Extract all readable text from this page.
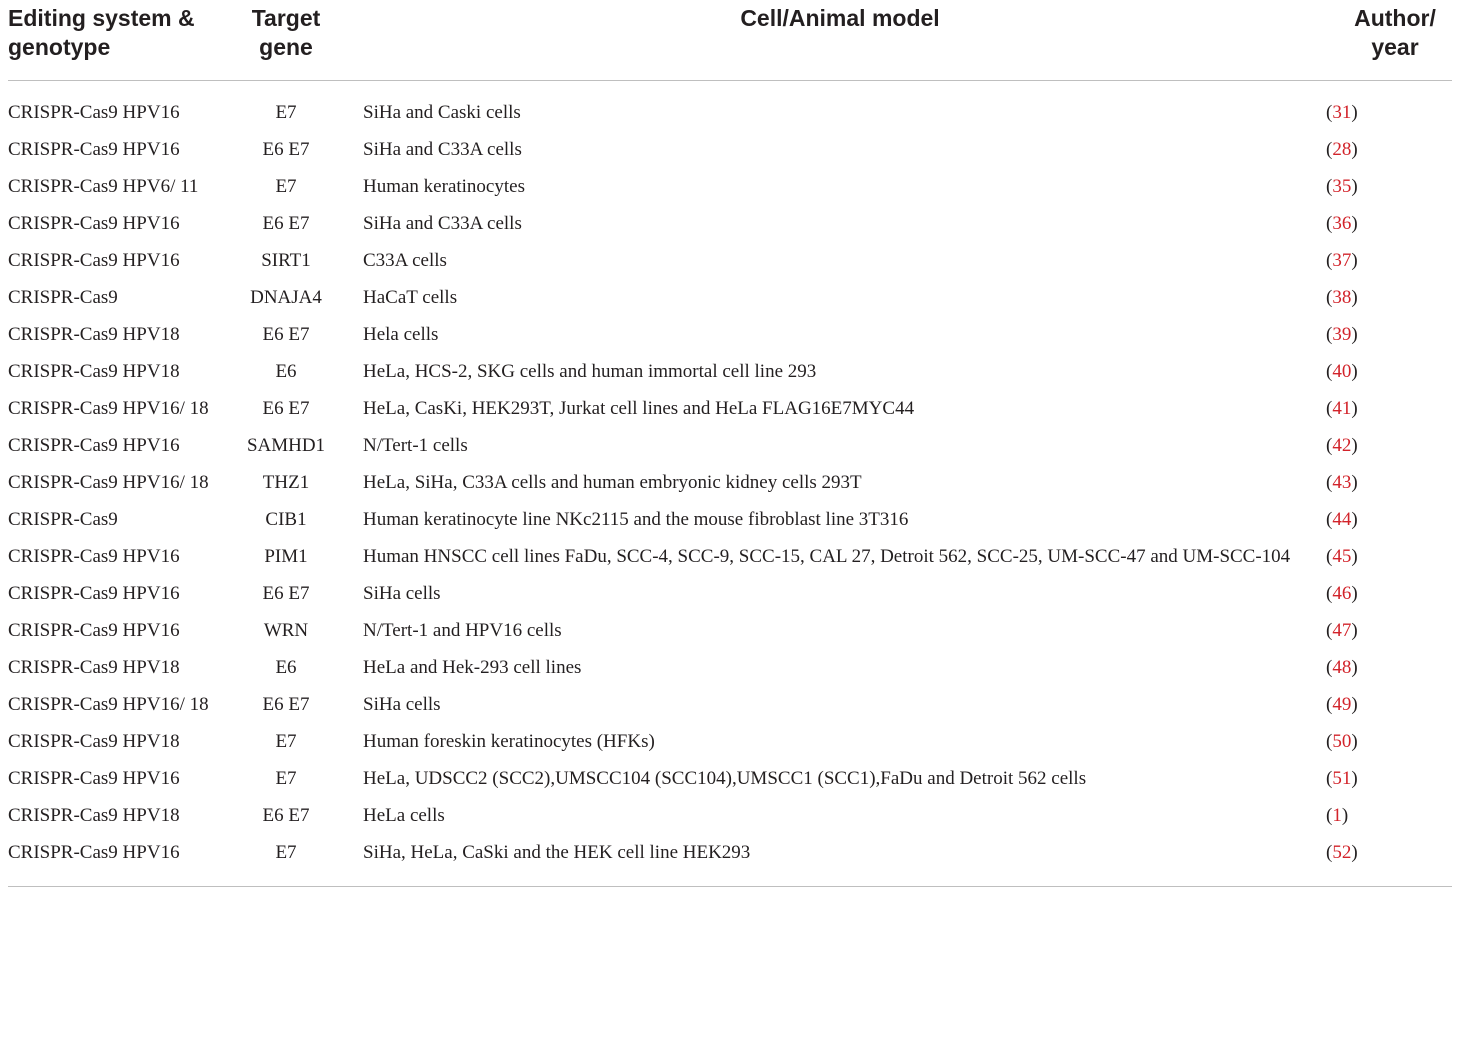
Editing system & genotype	Target gene	Cell/Animal model	Author/ year
CRISPR-Cas9 HPV16	E7	SiHa and Caski cells	(31)
CRISPR-Cas9 HPV16	E6 E7	SiHa and C33A cells	(28)
CRISPR-Cas9 HPV6/ 11	E7	Human keratinocytes	(35)
CRISPR-Cas9 HPV16	E6 E7	SiHa and C33A cells	(36)
CRISPR-Cas9 HPV16	SIRT1	C33A cells	(37)
CRISPR-Cas9	DNAJA4	HaCaT cells	(38)
CRISPR-Cas9 HPV18	E6 E7	Hela cells	(39)
CRISPR-Cas9 HPV18	E6	HeLa, HCS-2, SKG cells and human immortal cell line 293	(40)
CRISPR-Cas9 HPV16/ 18	E6 E7	HeLa, CasKi, HEK293T, Jurkat cell lines and HeLa FLAG16E7MYC44	(41)
CRISPR-Cas9 HPV16	SAMHD1	N/Tert-1 cells	(42)
CRISPR-Cas9 HPV16/ 18	THZ1	HeLa, SiHa, C33A cells and human embryonic kidney cells 293T	(43)
CRISPR-Cas9	CIB1	Human keratinocyte line NKc2115 and the mouse fibroblast line 3T316	(44)
CRISPR-Cas9 HPV16	PIM1	Human HNSCC cell lines FaDu, SCC-4, SCC-9, SCC-15, CAL 27, Detroit 562, SCC-25, UM-SCC-47 and UM-SCC-104	(45)
CRISPR-Cas9 HPV16	E6 E7	SiHa cells	(46)
CRISPR-Cas9 HPV16	WRN	N/Tert-1 and HPV16 cells	(47)
CRISPR-Cas9 HPV18	E6	HeLa and Hek-293 cell lines	(48)
CRISPR-Cas9 HPV16/ 18	E6 E7	SiHa cells	(49)
CRISPR-Cas9 HPV18	E7	Human foreskin keratinocytes (HFKs)	(50)
CRISPR-Cas9 HPV16	E7	HeLa, UDSCC2 (SCC2),UMSCC104 (SCC104),UMSCC1 (SCC1),FaDu and Detroit 562 cells	(51)
CRISPR-Cas9 HPV18	E6 E7	HeLa cells	(1)
CRISPR-Cas9 HPV16	E7	SiHa, HeLa, CaSki and the HEK cell line HEK293	(52)
